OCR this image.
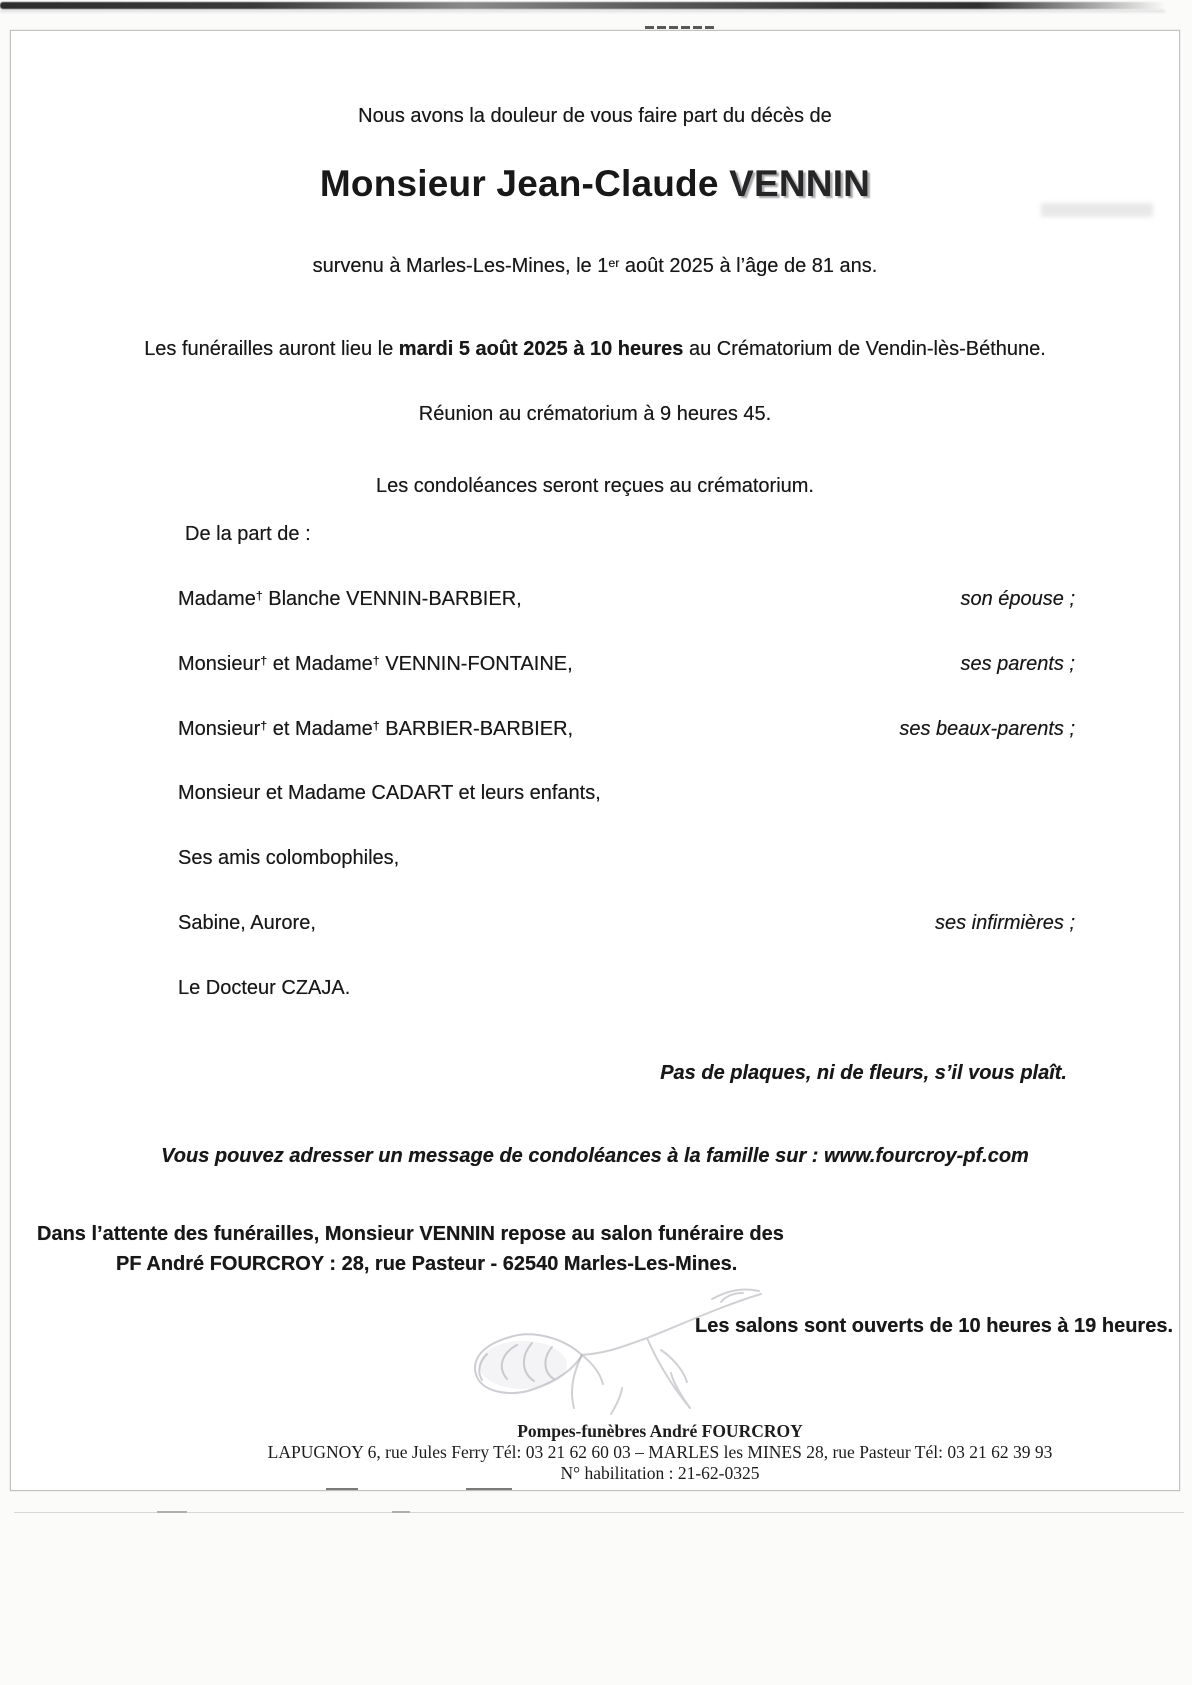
Nous avons la douleur de vous faire part du décès de
Monsieur Jean-Claude VENNIN
survenu à Marles-Les-Mines, le 1er août 2025 à l’âge de 81 ans.
Les funérailles auront lieu le mardi 5 août 2025 à 10 heures au Crématorium de Vendin-lès-Béthune.
Réunion au crématorium à 9 heures 45.
Les condoléances seront reçues au crématorium.
De la part de :
Madame† Blanche VENNIN-BARBIER,	son épouse ;
Monsieur† et Madame† VENNIN-FONTAINE,	ses parents ;
Monsieur† et Madame† BARBIER-BARBIER,	ses beaux-parents ;
Monsieur et Madame CADART et leurs enfants,
Ses amis colombophiles,
Sabine, Aurore,	ses infirmières ;
Le Docteur CZAJA.
Pas de plaques, ni de fleurs, s’il vous plaît.
Vous pouvez adresser un message de condoléances à la famille sur : www.fourcroy-pf.com
Dans l’attente des funérailles, Monsieur VENNIN repose au salon funéraire des
PF André FOURCROY : 28, rue Pasteur - 62540 Marles-Les-Mines.
Les salons sont ouverts de 10 heures à 19 heures.
Pompes-funèbres André FOURCROY
LAPUGNOY 6, rue Jules Ferry Tél: 03 21 62 60 03 – MARLES les MINES 28, rue Pasteur Tél: 03 21 62 39 93
N° habilitation : 21-62-0325
